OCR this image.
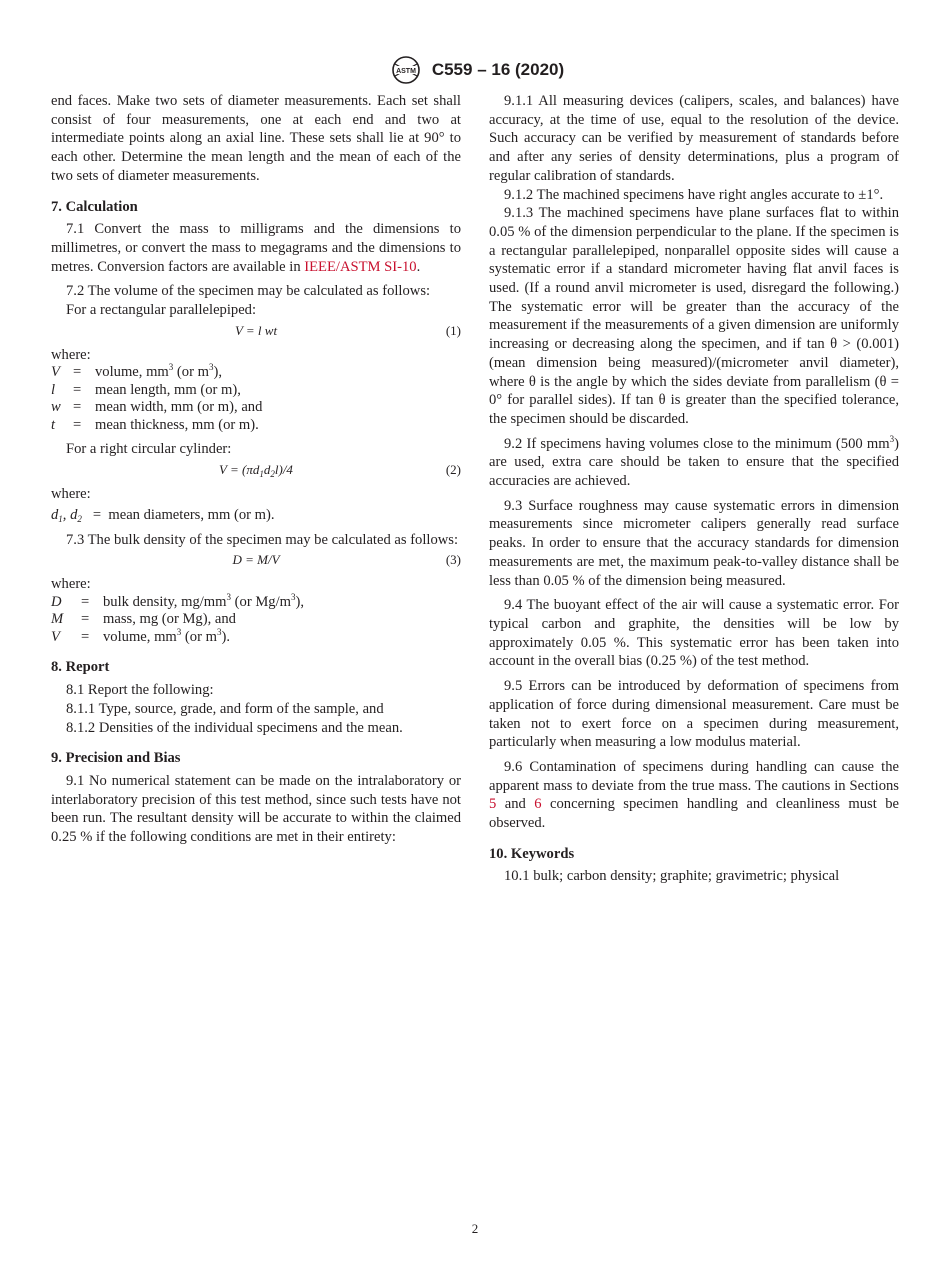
ASTM C559 – 16 (2020)

end faces. Make two sets of diameter measurements. Each set shall consist of four measurements, one at each end and two at intermediate points along an axial line. These sets shall lie at 90° to each other. Determine the mean length and the mean of each of the two sets of diameter measurements.

7. Calculation

7.1 Convert the mass to milligrams and the dimensions to millimetres, or convert the mass to megagrams and the dimensions to metres. Conversion factors are available in IEEE/ASTM SI-10.

7.2 The volume of the specimen may be calculated as follows:

For a rectangular parallelepiped:

V = l wt	(1)

where:

V	=	volume, $mm^3$ (or $m^3$),
l	=	mean length, mm (or m),
w	=	mean width, mm (or m), and
t	=	mean thickness, mm (or m).

For a right circular cylinder:

$V = (\pi d_1d_2l)/4$	(2)

where:

$d_1$, $d_2$ = mean diameters, mm (or m).

7.3 The bulk density of the specimen may be calculated as follows:

D = M/V	(3)

where:

D	=	bulk density, $mg/mm^3$ (or $Mg/m^3$),
M	=	mass, mg (or Mg), and
V	=	volume, $mm^3$ (or $m^3$).
8. Report

8.1 Report the following:

8.1.1 Type, source, grade, and form of the sample, and

8.1.2 Densities of the individual specimens and the mean.

9. Precision and Bias

9.1 No numerical statement can be made on the intralaboratory or interlaboratory precision of this test method, since such tests have not been run. The resultant density will be accurate to within the claimed 0.25 % if the following conditions are met in their entirety:

9.1.1 All measuring devices (calipers, scales, and balances) have accuracy, at the time of use, equal to the resolution of the device. Such accuracy can be verified by measurement of standards before and after any series of density determinations, plus a program of regular calibration of standards.

9.1.2 The machined specimens have right angles accurate to ±1°.

9.1.3 The machined specimens have plane surfaces flat to within 0.05 % of the dimension perpendicular to the plane. If the specimen is a rectangular parallelepiped, nonparallel opposite sides will cause a systematic error if a standard micrometer having flat anvil faces is used. (If a round anvil micrometer is used, disregard the following.) The systematic error will be greater than the accuracy of the measurement if the measurements of a given dimension are uniformly increasing or decreasing along the specimen, and if tan θ > (0.001) (mean dimension being measured)/(micrometer anvil diameter), where θ is the angle by which the sides deviate from parallelism (θ = 0° for parallel sides). If tan θ is greater than the specified tolerance, the specimen should be discarded.

9.2 If specimens having volumes close to the minimum (500 $mm^3$) are used, extra care should be taken to ensure that the specified accuracies are achieved.

9.3 Surface roughness may cause systematic errors in dimension measurements since micrometer calipers generally read surface peaks. In order to ensure that the accuracy standards for dimension measurements are met, the maximum peak-to-valley distance shall be less than 0.05 % of the dimension being measured.

9.4 The buoyant effect of the air will cause a systematic error. For typical carbon and graphite, the densities will be low by approximately 0.05 %. This systematic error has been taken into account in the overall bias (0.25 %) of the test method.

9.5 Errors can be introduced by deformation of specimens from application of force during dimensional measurement. Care must be taken not to exert force on a specimen during measurement, particularly when measuring a low modulus material.

9.6 Contamination of specimens during handling can cause the apparent mass to deviate from the true mass. The cautions in Sections 5 and 6 concerning specimen handling and cleanliness must be observed.

10. Keywords

10.1 bulk; carbon density; graphite; gravimetric; physical

2
